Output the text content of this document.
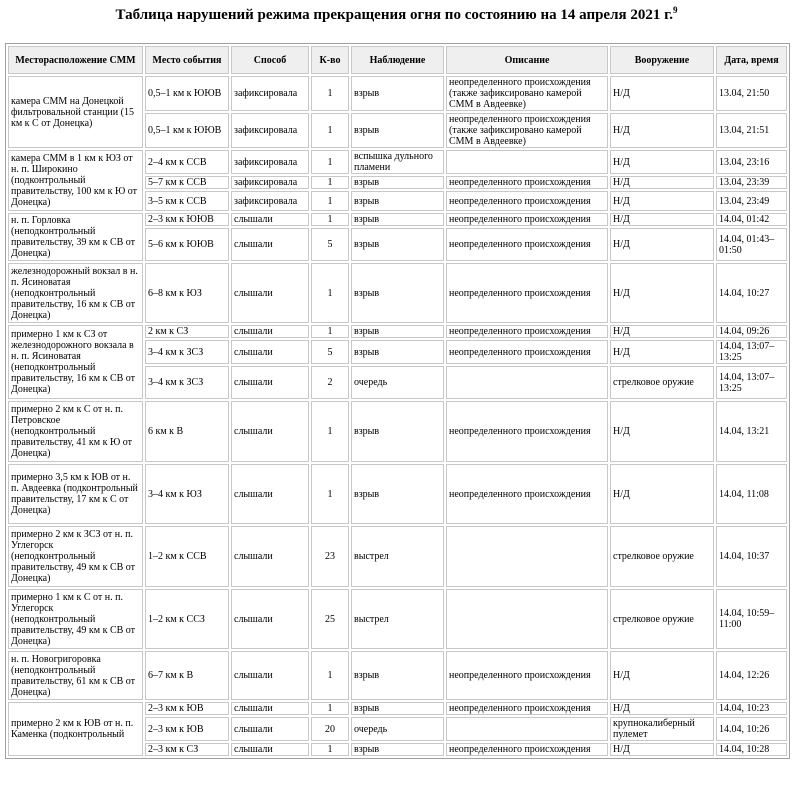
Таблица нарушений режима прекращения огня по состоянию на 14 апреля 2021 г.$^9$
Месторасположение СММ	Место события	Способ	К-во	Наблюдение	Описание	Вооружение	Дата, время
камера СММ на Донецкой фильтровальной станции (15 км к С от Донецка)	0,5–1 км к ЮЮВ	зафиксировала	1	взрыв	неопределенного происхождения (также зафиксировано камерой СММ в Авдеевке)	Н/Д	13.04, 21:50
	0,5–1 км к ЮЮВ	зафиксировала	1	взрыв	неопределенного происхождения (также зафиксировано камерой СММ в Авдеевке)	Н/Д	13.04, 21:51
камера СММ в 1 км к ЮЗ от н. п. Широкино (подконтрольный правительству, 100 км к Ю от Донецка)	2–4 км к ССВ	зафиксировала	1	вспышка дульного пламени		Н/Д	13.04, 23:16
	5–7 км к ССВ	зафиксировала	1	взрыв	неопределенного происхождения	Н/Д	13.04, 23:39
	3–5 км к ССВ	зафиксировала	1	взрыв	неопределенного происхождения	Н/Д	13.04, 23:49
н. п. Горловка (неподконтрольный правительству, 39 км к СВ от Донецка)	2–3 км к ЮЮВ	слышали	1	взрыв	неопределенного происхождения	Н/Д	14.04, 01:42
	5–6 км к ЮЮВ	слышали	5	взрыв	неопределенного происхождения	Н/Д	14.04, 01:43–01:50
железнодорожный вокзал в н. п. Ясиноватая (неподконтрольный правительству, 16 км к СВ от Донецка)	6–8 км к ЮЗ	слышали	1	взрыв	неопределенного происхождения	Н/Д	14.04, 10:27
примерно 1 км к СЗ от железнодорожного вокзала в н. п. Ясиноватая (неподконтрольный правительству, 16 км к СВ от Донецка)	2 км к СЗ	слышали	1	взрыв	неопределенного происхождения	Н/Д	14.04, 09:26
	3–4 км к ЗСЗ	слышали	5	взрыв	неопределенного происхождения	Н/Д	14.04, 13:07–13:25
	3–4 км к ЗСЗ	слышали	2	очередь		стрелковое оружие	14.04, 13:07–13:25
примерно 2 км к С от н. п. Петровское (неподконтрольный правительству, 41 км к Ю от Донецка)	6 км к В	слышали	1	взрыв	неопределенного происхождения	Н/Д	14.04, 13:21
примерно 3,5 км к ЮВ от н. п. Авдеевка (подконтрольный правительству, 17 км к С от Донецка)	3–4 км к ЮЗ	слышали	1	взрыв	неопределенного происхождения	Н/Д	14.04, 11:08
примерно 2 км к ЗСЗ от н. п. Углегорск (неподконтрольный правительству, 49 км к СВ от Донецка)	1–2 км к ССВ	слышали	23	выстрел		стрелковое оружие	14.04, 10:37
примерно 1 км к С от н. п. Углегорск (неподконтрольный правительству, 49 км к СВ от Донецка)	1–2 км к ССЗ	слышали	25	выстрел		стрелковое оружие	14.04, 10:59–11:00
н. п. Новогригоровка (неподконтрольный правительству, 61 км к СВ от Донецка)	6–7 км к В	слышали	1	взрыв	неопределенного происхождения	Н/Д	14.04, 12:26
примерно 2 км к ЮВ от н. п. Каменка (подконтрольный	2–3 км к ЮВ	слышали	1	взрыв	неопределенного происхождения	Н/Д	14.04, 10:23
	2–3 км к ЮВ	слышали	20	очередь		крупнокалиберный пулемет	14.04, 10:26
	2–3 км к СЗ	слышали	1	взрыв	неопределенного происхождения	Н/Д	14.04, 10:28
